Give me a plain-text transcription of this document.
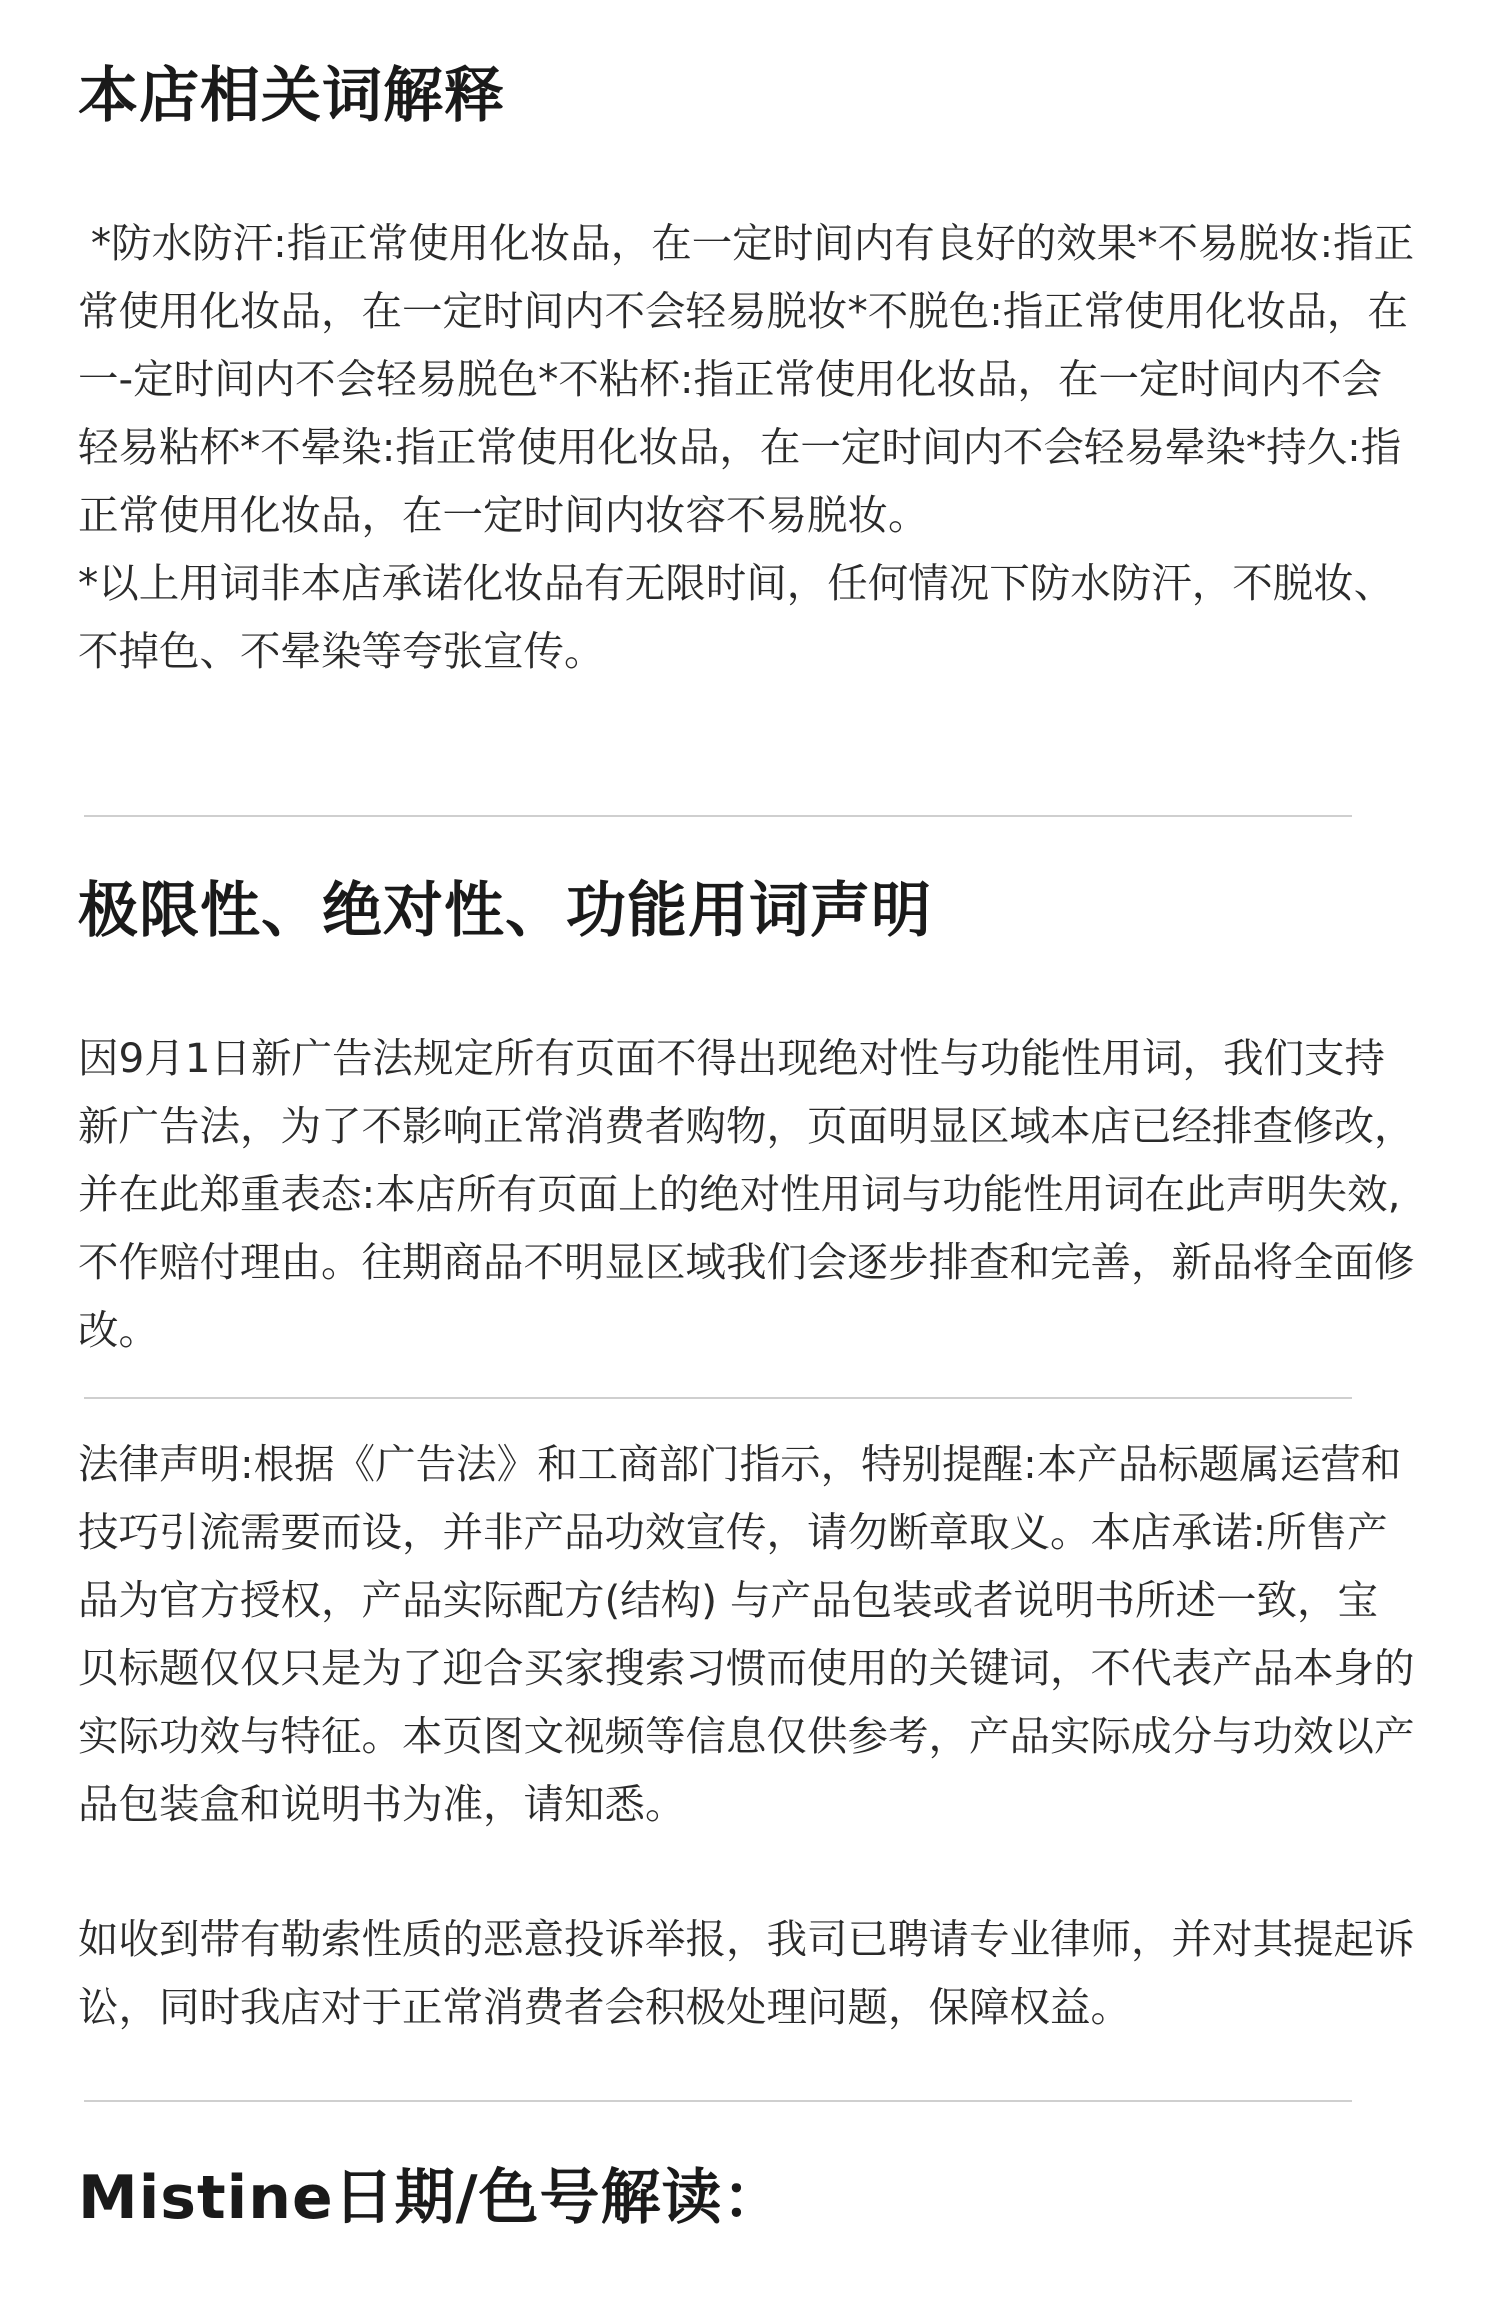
本店相关词解释

*防水防汗:指正常使用化妆品，在一定时间内有良好的效果*不易脱妆:指正常使用化妆品，在一定时间内不会轻易脱妆*不脱色:指正常使用化妆品，在一-定时间内不会轻易脱色*不粘杯:指正常使用化妆品，在一定时间内不会轻易粘杯*不晕染:指正常使用化妆品，在一定时间内不会轻易晕染*持久:指正常使用化妆品，在一定时间内妆容不易脱妆。
*以上用词非本店承诺化妆品有无限时间，任何情况下防水防汗，不脱妆、不掉色、不晕染等夸张宣传。

极限性、绝对性、功能用词声明

因9月1日新广告法规定所有页面不得出现绝对性与功能性用词，我们支持新广告法，为了不影响正常消费者购物，页面明显区域本店已经排查修改，并在此郑重表态:本店所有页面上的绝对性用词与功能性用词在此声明失效,不作赔付理由。往期商品不明显区域我们会逐步排查和完善，新品将全面修改。

法律声明:根据《广告法》和工商部门指示，特别提醒:本产品标题属运营和技巧引流需要而设，并非产品功效宣传，请勿断章取义。本店承诺:所售产品为官方授权，产品实际配方(结构) 与产品包装或者说明书所述一致，宝贝标题仅仅只是为了迎合买家搜索习惯而使用的关键词，不代表产品本身的实际功效与特征。本页图文视频等信息仅供参考，产品实际成分与功效以产品包装盒和说明书为准，请知悉。

如收到带有勒索性质的恶意投诉举报，我司已聘请专业律师，并对其提起诉讼，同时我店对于正常消费者会积极处理问题，保障权益。

Mistine日期/色号解读：
